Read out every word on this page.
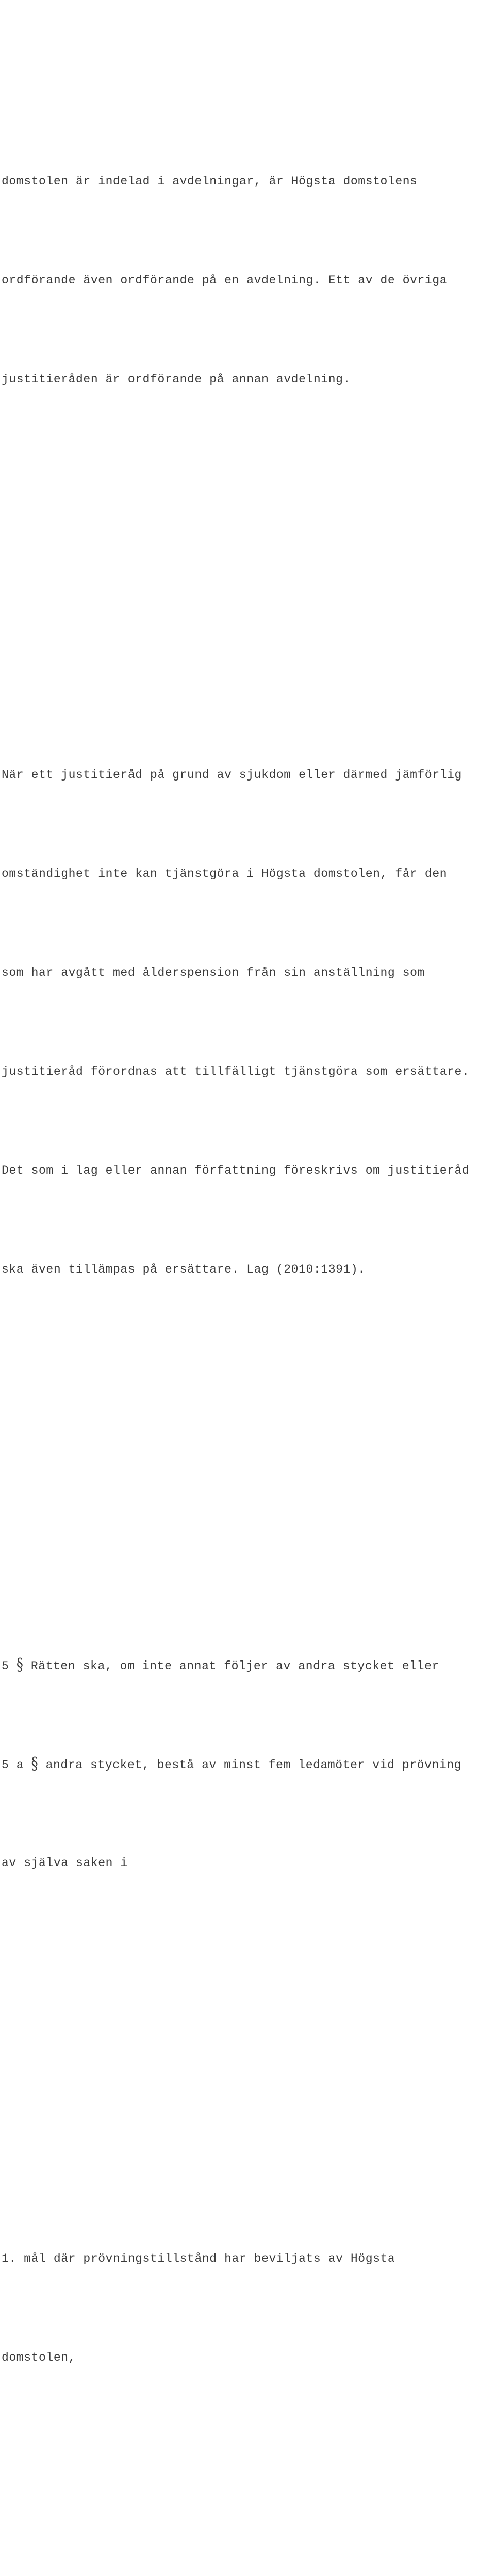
domstolen är indelad i avdelningar, är Högsta domstolens

ordförande även ordförande på en avdelning. Ett av de övriga

justitieråden är ordförande på annan avdelning.

När ett justitieråd på grund av sjukdom eller därmed jämförlig

omständighet inte kan tjänstgöra i Högsta domstolen, får den

som har avgått med ålderspension från sin anställning som

justitieråd förordnas att tillfälligt tjänstgöra som ersättare.

Det som i lag eller annan författning föreskrivs om justitieråd

ska även tillämpas på ersättare. Lag (2010:1391).

5 § Rätten ska, om inte annat följer av andra stycket eller

5 a § andra stycket, bestå av minst fem ledamöter vid prövning

av själva saken i

1. mål där prövningstillstånd har beviljats av Högsta

domstolen,
